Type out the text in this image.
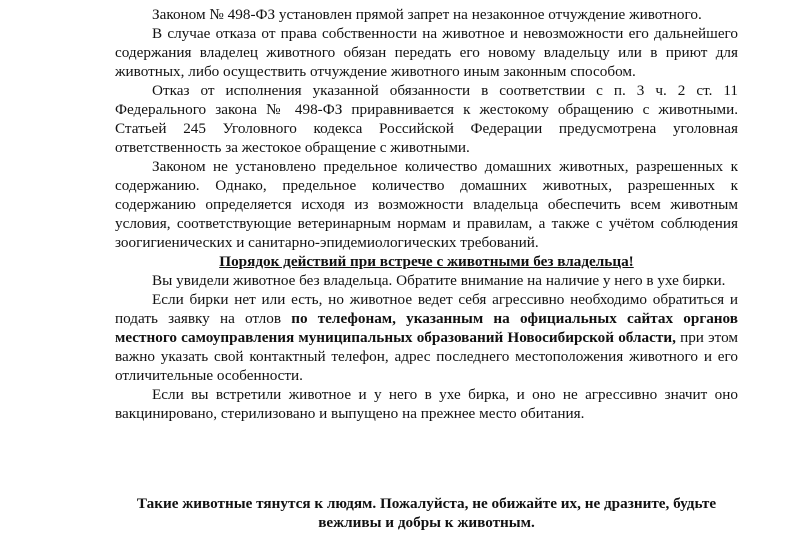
Законом № 498-ФЗ установлен прямой запрет на незаконное отчуждение животного.

В случае отказа от права собственности на животное и невозможности его дальнейшего содержания владелец животного обязан передать его новому владельцу или в приют для животных, либо осуществить отчуждение животного иным законным способом.

Отказ от исполнения указанной обязанности в соответствии с п. 3 ч. 2 ст. 11 Федерального закона № 498-ФЗ приравнивается к жестокому обращению с животными. Статьей 245 Уголовного кодекса Российской Федерации предусмотрена уголовная ответственность за жестокое обращение с животными.

Законом не установлено предельное количество домашних животных, разрешенных к содержанию. Однако, предельное количество домашних животных, разрешенных к содержанию определяется исходя из возможности владельца обеспечить всем животным условия, соответствующие ветеринарным нормам и правилам, а также с учётом соблюдения зоогигиенических и санитарно-эпидемиологических требований.

Порядок действий при встрече с животными без владельца!

Вы увидели животное без владельца. Обратите внимание на наличие у него в ухе бирки.

Если бирки нет или есть, но животное ведет себя агрессивно необходимо обратиться и подать заявку на отлов по телефонам, указанным на официальных сайтах органов местного самоуправления муниципальных образований Новосибирской области, при этом важно указать свой контактный телефон, адрес последнего местоположения животного и его отличительные особенности.

Если вы встретили животное и у него в ухе бирка, и оно не агрессивно значит оно вакцинировано, стерилизовано и выпущено на прежнее место обитания.

Такие животные тянутся к людям. Пожалуйста, не обижайте их, не дразните, будьте вежливы и добры к животным.
